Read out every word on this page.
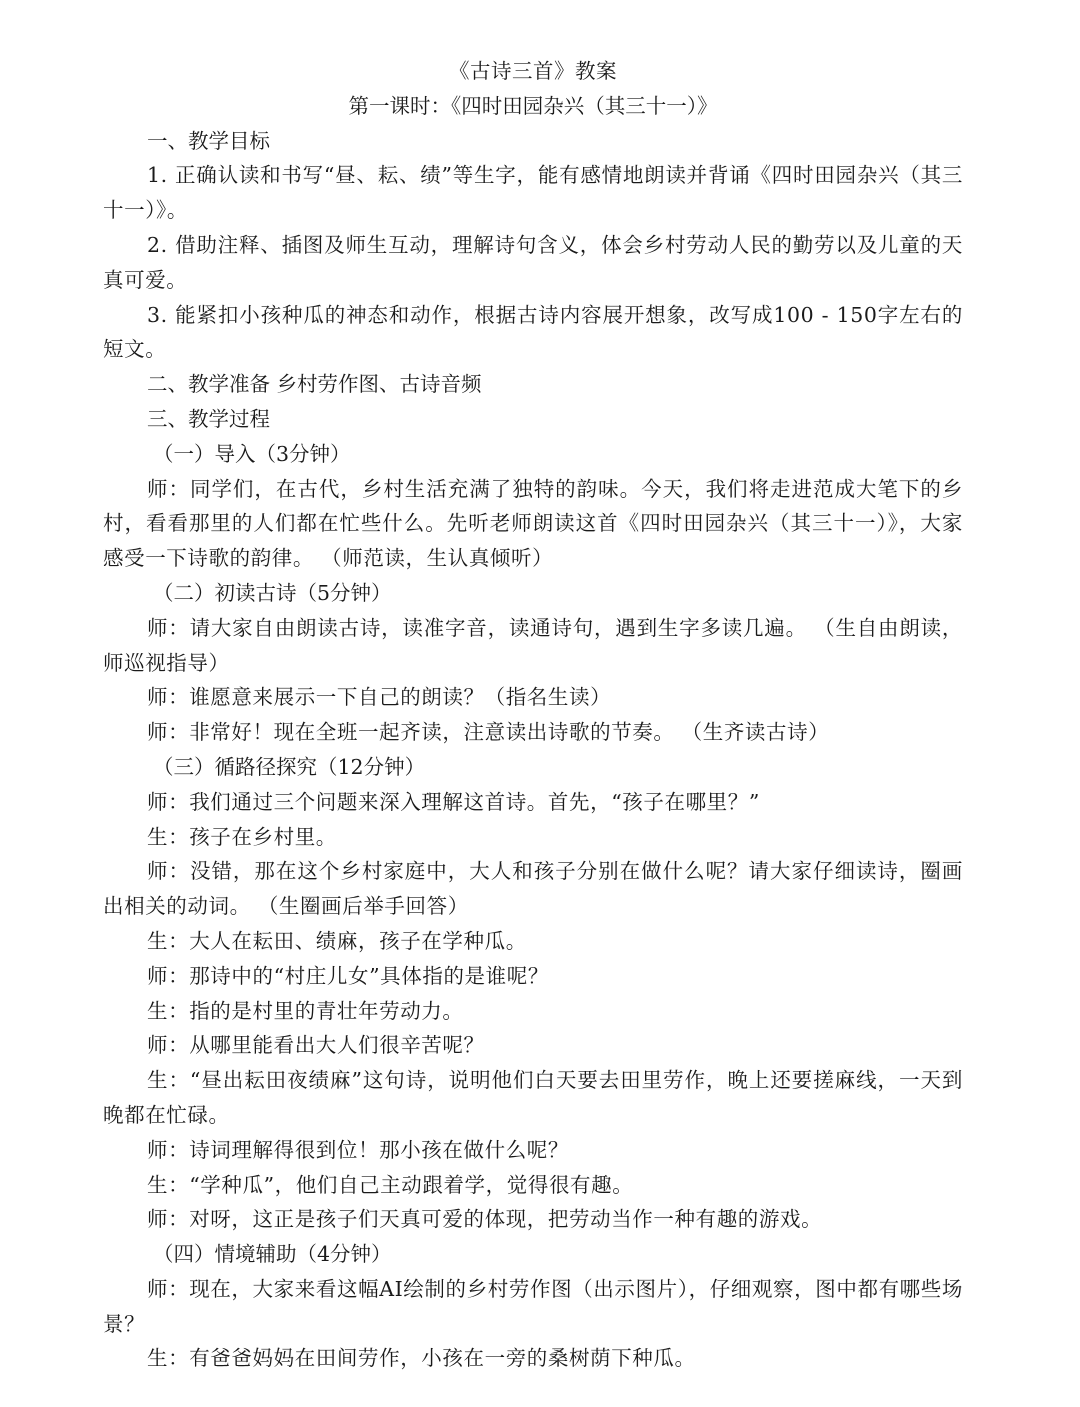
《古诗三首》教案
第一课时：《四时田园杂兴（其三十一）》

一、教学目标

1. 正确认读和书写“昼、耘、绩”等生字，能有感情地朗读并背诵《四时田园杂兴（其三十一）》。

2. 借助注释、插图及师生互动，理解诗句含义，体会乡村劳动人民的勤劳以及儿童的天真可爱。

3. 能紧扣小孩种瓜的神态和动作，根据古诗内容展开想象，改写成100 - 150字左右的短文。

二、教学准备 乡村劳作图、古诗音频

三、教学过程

（一）导入（3分钟）

师：同学们，在古代，乡村生活充满了独特的韵味。今天，我们将走进范成大笔下的乡村，看看那里的人们都在忙些什么。先听老师朗读这首《四时田园杂兴（其三十一）》，大家感受一下诗歌的韵律。 （师范读，生认真倾听）

（二）初读古诗（5分钟）

师：请大家自由朗读古诗，读准字音，读通诗句，遇到生字多读几遍。 （生自由朗读，师巡视指导）

师：谁愿意来展示一下自己的朗读？（指名生读）

师：非常好！现在全班一起齐读，注意读出诗歌的节奏。 （生齐读古诗）

（三）循路径探究（12分钟）

师：我们通过三个问题来深入理解这首诗。首先，“孩子在哪里？”

生：孩子在乡村里。

师：没错，那在这个乡村家庭中，大人和孩子分别在做什么呢？请大家仔细读诗，圈画出相关的动词。 （生圈画后举手回答）

生：大人在耘田、绩麻，孩子在学种瓜。

师：那诗中的“村庄儿女”具体指的是谁呢？

生：指的是村里的青壮年劳动力。

师：从哪里能看出大人们很辛苦呢？

生：“昼出耘田夜绩麻”这句诗，说明他们白天要去田里劳作，晚上还要搓麻线，一天到晚都在忙碌。

师：诗词理解得很到位！那小孩在做什么呢？

生：“学种瓜”，他们自己主动跟着学，觉得很有趣。

师：对呀，这正是孩子们天真可爱的体现，把劳动当作一种有趣的游戏。

（四）情境辅助（4分钟）

师：现在，大家来看这幅AI绘制的乡村劳作图（出示图片），仔细观察，图中都有哪些场景？

生：有爸爸妈妈在田间劳作，小孩在一旁的桑树荫下种瓜。
